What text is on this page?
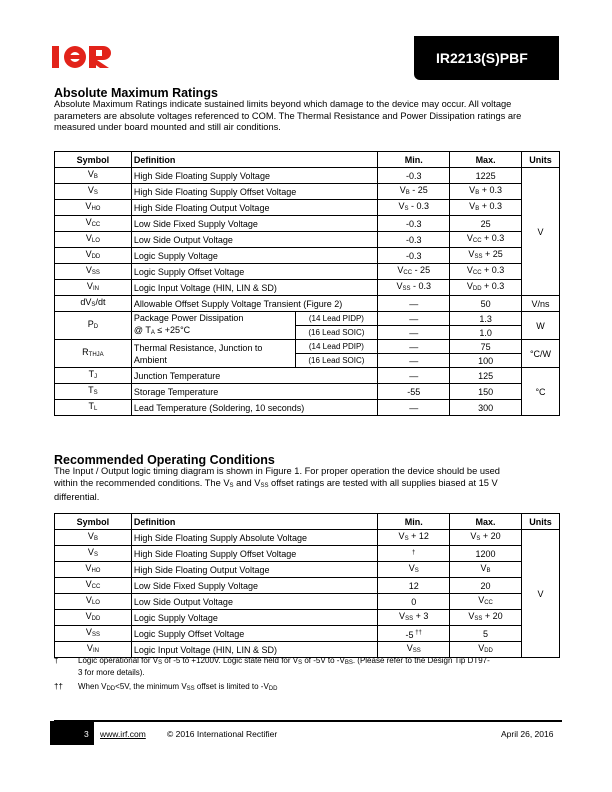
IR2213(S)PBF
Absolute Maximum Ratings
Absolute Maximum Ratings indicate sustained limits beyond which damage to the device may occur. All voltage
parameters are absolute voltages referenced to COM. The Thermal Resistance and Power Dissipation ratings are
measured under board mounted and still air conditions.
Symbol	Definition		Min.	Max.	Units
$V_B$	High Side Floating Supply Voltage		-0.3	1225	V
$V_S$	High Side Floating Supply Offset Voltage		$V_B - 25$	$V_B + 0.3$	
$V_{HO}$	High Side Floating Output Voltage		$V_S - 0.3$	$V_B + 0.3$	
$V_{CC}$	Low Side Fixed Supply Voltage		-0.3	25	
$V_{LO}$	Low Side Output Voltage		-0.3	$V_{CC} + 0.3$	
$V_{DD}$	Logic Supply Voltage		-0.3	$V_{SS} + 25$	
$V_{SS}$	Logic Supply Offset Voltage		$V_{CC} - 25$	$V_{CC} + 0.3$	
$V_{IN}$	Logic Input Voltage (HIN, LIN & SD)		$V_{SS} - 0.3$	$V_{DD} + 0.3$	
$dV_S/dt$	Allowable Offset Supply Voltage Transient (Figure 2)		—	50	V/ns
$P_D$	Package Power Dissipation
@ $T_A \le +25^\circ C$	(14 Lead PIDP)	—	1.3	W
		(16 Lead SOIC)	—	1.0	
$R_{THJA}$	Thermal Resistance, Junction to
Ambient	(14 Lead PDIP)	—	75	°C/W
		(16 Lead SOIC)	—	100	
$T_J$	Junction Temperature		—	125	°C
$T_S$	Storage Temperature		-55	150	
$T_L$	Lead Temperature (Soldering, 10 seconds)		—	300	
Recommended Operating Conditions
The Input / Output logic timing diagram is shown in Figure 1. For proper operation the device should be used
within the recommended conditions. The $V_S$ and $V_{SS}$ offset ratings are tested with all supplies biased at 15 V
differential.
Symbol	Definition	Min.	Max.	Units
$V_B$	High Side Floating Supply Absolute Voltage	$V_S + 12$	$V_S + 20$	V
$V_S$	High Side Floating Supply Offset Voltage	†	1200	
$V_{HO}$	High Side Floating Output Voltage	$V_S$	$V_B$
$V_{CC}$	Low Side Fixed Supply Voltage	12	20	
$V_{LO}$	Low Side Output Voltage	0	$V_{CC}$
$V_{DD}$	Logic Supply Voltage	$V_{SS} + 3$	$V_{SS} + 20$	
$V_{SS}$	Logic Supply Offset Voltage	-5 ††	5	
$V_{IN}$	Logic Input Voltage (HIN, LIN & SD)	$V_{SS}$	$V_{DD}$
† Logic operational for $V_S$ of -5 to +1200V. Logic state held for $V_S$ of -5V to $-V_{BS}$. (Please refer to the Design Tip DT97-
3 for more details).
†† When $V_{DD}<5V$, the minimum $V_{SS}$ offset is limited to $-V_{DD}$
3 www.irf.com © 2016 International Rectifier	April 26, 2016
